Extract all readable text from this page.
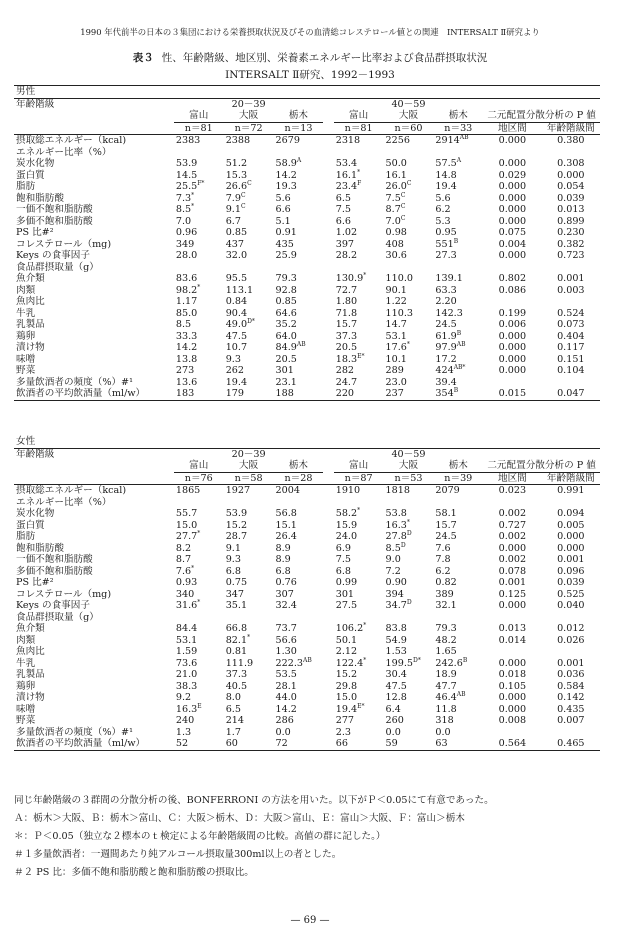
1990 年代前半の日本の３集団における栄養摂取状況及びその血清総コレステロール値との関連　INTERSALT Ⅱ研究より
表３ 性、年齢階級、地区別、栄養素エネルギー比率および食品群摂取状況
INTERSALT Ⅱ研究、1992－1993
男性									
年齢階級	20－39				40－59				
	富山	大阪	栃木		富山	大阪	栃木	二元配置分散分析の P 値	
	n＝81	n＝72	n＝13		n＝81	n＝60	n＝33	地区間	年齢階級間
摂取総エネルギー（kcal)	2383	2388	2679		2318	2256	$2914^{AB}$	0.000	0.380
エネルギー比率（%）									
炭水化物	53.9	51.2	$58.9^A$		53.4	50.0	$57.5^A$	0.000	0.308
蛋白質	14.5	15.3	14.2		16.1*	16.1	14.8	0.029	0.000
脂肪	$25.5^{F*}$	$26.6^C$	19.3		$23.4^F$	$26.0^C$	19.4	0.000	0.054
飽和脂肪酸	7.3*	$7.9^C$	5.6		6.5	$7.5^C$	5.6	0.000	0.039
一価不飽和脂肪酸	8.5*	$9.1^C$	6.6		7.5	$8.7^C$	6.2	0.000	0.013
多価不飽和脂肪酸	7.0	6.7	5.1		6.6	$7.0^C$	5.3	0.000	0.899
PS 比#²	0.96	0.85	0.91		1.02	0.98	0.95	0.075	0.230
コレステロール（mg)	349	437	435		397	408	$551^B$	0.004	0.382
Keys の食事因子	28.0	32.0	25.9		28.2	30.6	27.3	0.000	0.723
食品群摂取量（g）									
魚介類	83.6	95.5	79.3		130.9*	110.0	139.1	0.802	0.001
肉類	98.2*	113.1	92.8		72.7	90.1	63.3	0.086	0.003
魚肉比	1.17	0.84	0.85		1.80	1.22	2.20		
牛乳	85.0	90.4	64.6		71.8	110.3	142.3	0.199	0.524
乳製品	8.5	$49.0^{D*}$	35.2		15.7	14.7	24.5	0.006	0.073
鶏卵	33.3	47.5	64.0		37.3	53.1	$61.9^B$	0.000	0.404
漬け物	14.2	10.7	$84.9^{AB}$		20.5	17.6*	$97.9^{AB}$	0.000	0.117
味噌	13.8	9.3	20.5		$18.3^{E*}$	10.1	17.2	0.000	0.151
野菜	273	262	301		282	289	$424^{AB*}$	0.000	0.104
多量飲酒者の頻度（%）#¹	13.6	19.4	23.1		24.7	23.0	39.4		
飲酒者の平均飲酒量（ml/w）	183	179	188		220	237	$354^B$	0.015	0.047
女性									
年齢階級	20－39				40－59				
	富山	大阪	栃木		富山	大阪	栃木	二元配置分散分析の P 値	
	n＝76	n＝58	n＝28		n＝87	n＝53	n＝39	地区間	年齢階級間
摂取総エネルギー（kcal)	1865	1927	2004		1910	1818	2079	0.023	0.991
エネルギー比率（%）									
炭水化物	55.7	53.9	56.8		58.2*	53.8	58.1	0.002	0.094
蛋白質	15.0	15.2	15.1		15.9	16.3*	15.7	0.727	0.005
脂肪	27.7*	28.7	26.4		24.0	$27.8^D$	24.5	0.002	0.000
飽和脂肪酸	8.2	9.1	8.9		6.9	$8.5^D$	7.6	0.000	0.000
一価不飽和脂肪酸	8.7	9.3	8.9		7.5	9.0	7.8	0.002	0.001
多価不飽和脂肪酸	7.6*	6.8	6.8		6.8	7.2	6.2	0.078	0.096
PS 比#²	0.93	0.75	0.76		0.99	0.90	0.82	0.001	0.039
コレステロール（mg)	340	347	307		301	394	389	0.125	0.525
Keys の食事因子	31.6*	35.1	32.4		27.5	$34.7^D$	32.1	0.000	0.040
食品群摂取量（g）									
魚介類	84.4	66.8	73.7		106.2*	83.8	79.3	0.013	0.012
肉類	53.1	82.1*	56.6		50.1	54.9	48.2	0.014	0.026
魚肉比	1.59	0.81	1.30		2.12	1.53	1.65		
牛乳	73.6	111.9	$222.3^{AB}$		122.4*	$199.5^{D*}$	$242.6^B$	0.000	0.001
乳製品	21.0	37.3	53.5		15.2	30.4	18.9	0.018	0.036
鶏卵	38.3	40.5	28.1		29.8	47.5	47.7	0.105	0.584
漬け物	9.2	8.0	44.0		15.0	12.8	$46.4^{AB}$	0.000	0.142
味噌	$16.3^E$	6.5	14.2		$19.4^{E*}$	6.4	11.8	0.000	0.435
野菜	240	214	286		277	260	318	0.008	0.007
多量飲酒者の頻度（%）#¹	1.3	1.7	0.0		2.3	0.0	0.0		
飲酒者の平均飲酒量（ml/w）	52	60	72		66	59	63	0.564	0.465
同じ年齢階級の３群間の分散分析の後、BONFERRONI の方法を用いた。以下がＰ＜0.05にて有意であった。
Ａ：栃木＞大阪、Ｂ：栃木＞富山、Ｃ：大阪＞栃木、Ｄ：大阪＞富山、Ｅ：富山＞大阪、Ｆ：富山＞栃木
＊：Ｐ＜0.05（独立な２標本のｔ検定による年齢階級間の比較。高値の群に記した。）
＃１多量飲酒者：一週間あたり純アルコール摂取量300ml以上の者とした。
＃２ PS 比：多価不飽和脂肪酸と飽和脂肪酸の摂取比。
— 69 —
